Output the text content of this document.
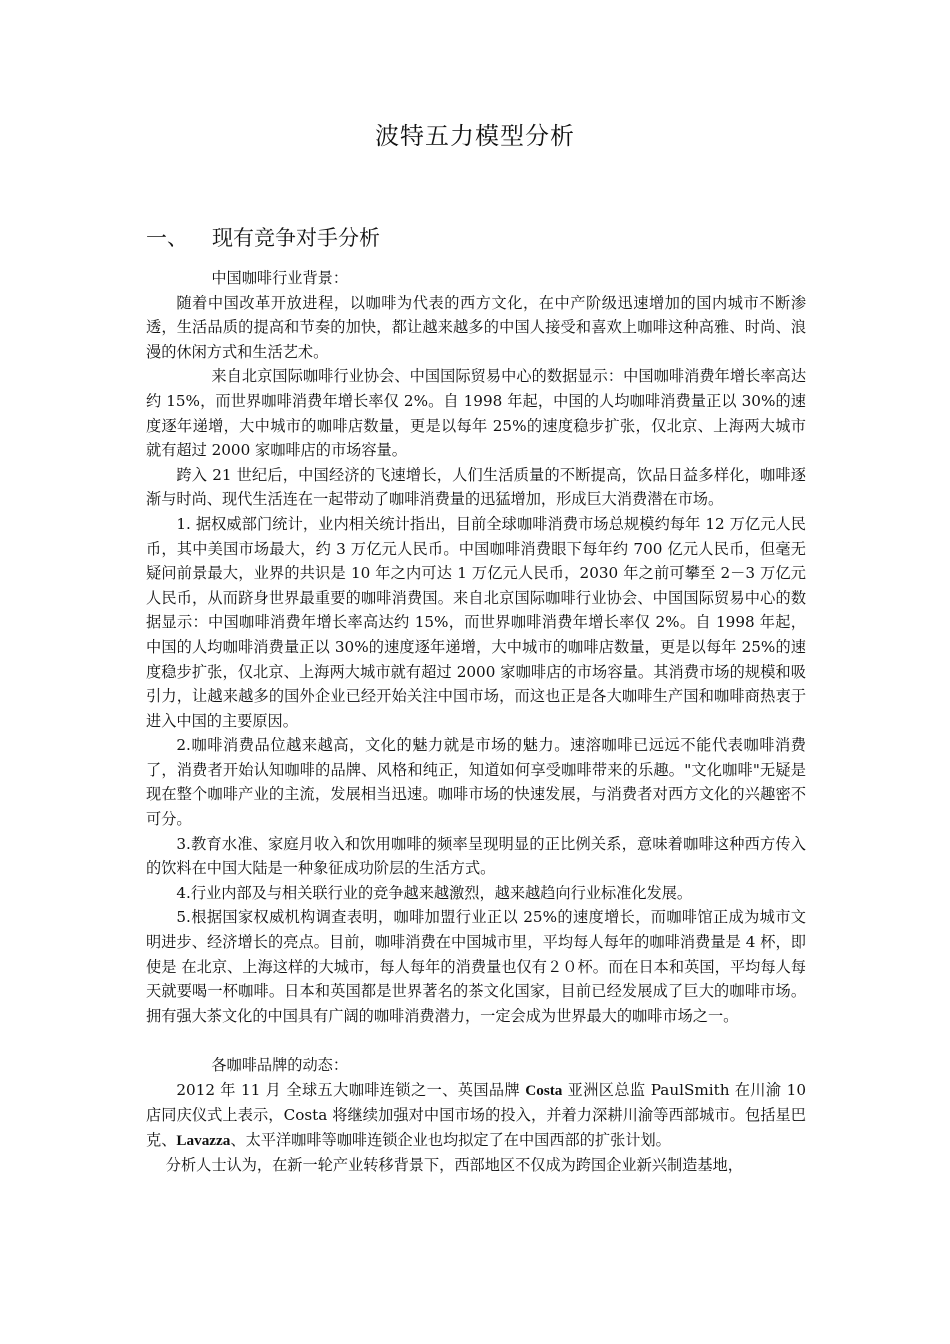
波特五力模型分析
一、 现有竞争对手分析

中国咖啡行业背景：

随着中国改革开放进程，以咖啡为代表的西方文化，在中产阶级迅速增加的国内城市不断渗透，生活品质的提高和节奏的加快，都让越来越多的中国人接受和喜欢上咖啡这种高雅、时尚、浪漫的休闲方式和生活艺术。

来自北京国际咖啡行业协会、中国国际贸易中心的数据显示：中国咖啡消费年增长率高达约 15%，而世界咖啡消费年增长率仅 2%。自 1998 年起，中国的人均咖啡消费量正以 30%的速度逐年递增，大中城市的咖啡店数量，更是以每年 25%的速度稳步扩张，仅北京、上海两大城市就有超过 2000 家咖啡店的市场容量。

跨入 21 世纪后，中国经济的飞速增长，人们生活质量的不断提高，饮品日益多样化，咖啡逐渐与时尚、现代生活连在一起带动了咖啡消费量的迅猛增加，形成巨大消费潜在市场。

1. 据权威部门统计，业内相关统计指出，目前全球咖啡消费市场总规模约每年 12 万亿元人民币，其中美国市场最大，约 3 万亿元人民币。中国咖啡消费眼下每年约 700 亿元人民币，但毫无疑问前景最大，业界的共识是 10 年之内可达 1 万亿元人民币，2030 年之前可攀至 2－3 万亿元人民币，从而跻身世界最重要的咖啡消费国。来自北京国际咖啡行业协会、中国国际贸易中心的数据显示：中国咖啡消费年增长率高达约 15%，而世界咖啡消费年增长率仅 2%。自 1998 年起，中国的人均咖啡消费量正以 30%的速度逐年递增，大中城市的咖啡店数量，更是以每年 25%的速度稳步扩张，仅北京、上海两大城市就有超过 2000 家咖啡店的市场容量。其消费市场的规模和吸引力，让越来越多的国外企业已经开始关注中国市场，而这也正是各大咖啡生产国和咖啡商热衷于进入中国的主要原因。

2.咖啡消费品位越来越高，文化的魅力就是市场的魅力。速溶咖啡已远远不能代表咖啡消费了，消费者开始认知咖啡的品牌、风格和纯正，知道如何享受咖啡带来的乐趣。"文化咖啡"无疑是现在整个咖啡产业的主流，发展相当迅速。咖啡市场的快速发展，与消费者对西方文化的兴趣密不可分。

3.教育水准、家庭月收入和饮用咖啡的频率呈现明显的正比例关系，意味着咖啡这种西方传入的饮料在中国大陆是一种象征成功阶层的生活方式。

4.行业内部及与相关联行业的竞争越来越激烈，越来越趋向行业标准化发展。

5.根据国家权威机构调查表明，咖啡加盟行业正以 25%的速度增长，而咖啡馆正成为城市文明进步、经济增长的亮点。目前，咖啡消费在中国城市里，平均每人每年的咖啡消费量是 4 杯，即使是 在北京、上海这样的大城市，每人每年的消费量也仅有２０杯。而在日本和英国，平均每人每天就要喝一杯咖啡。日本和英国都是世界著名的茶文化国家，目前已经发展成了巨大的咖啡市场。拥有强大茶文化的中国具有广阔的咖啡消费潜力，一定会成为世界最大的咖啡市场之一。

各咖啡品牌的动态：

2012 年 11 月 全球五大咖啡连锁之一、英国品牌 Costa 亚洲区总监 PaulSmith 在川渝 10 店同庆仪式上表示，Costa 将继续加强对中国市场的投入，并着力深耕川渝等西部城市。包括星巴克、Lavazza、太平洋咖啡等咖啡连锁企业也均拟定了在中国西部的扩张计划。

分析人士认为，在新一轮产业转移背景下，西部地区不仅成为跨国企业新兴制造基地，
